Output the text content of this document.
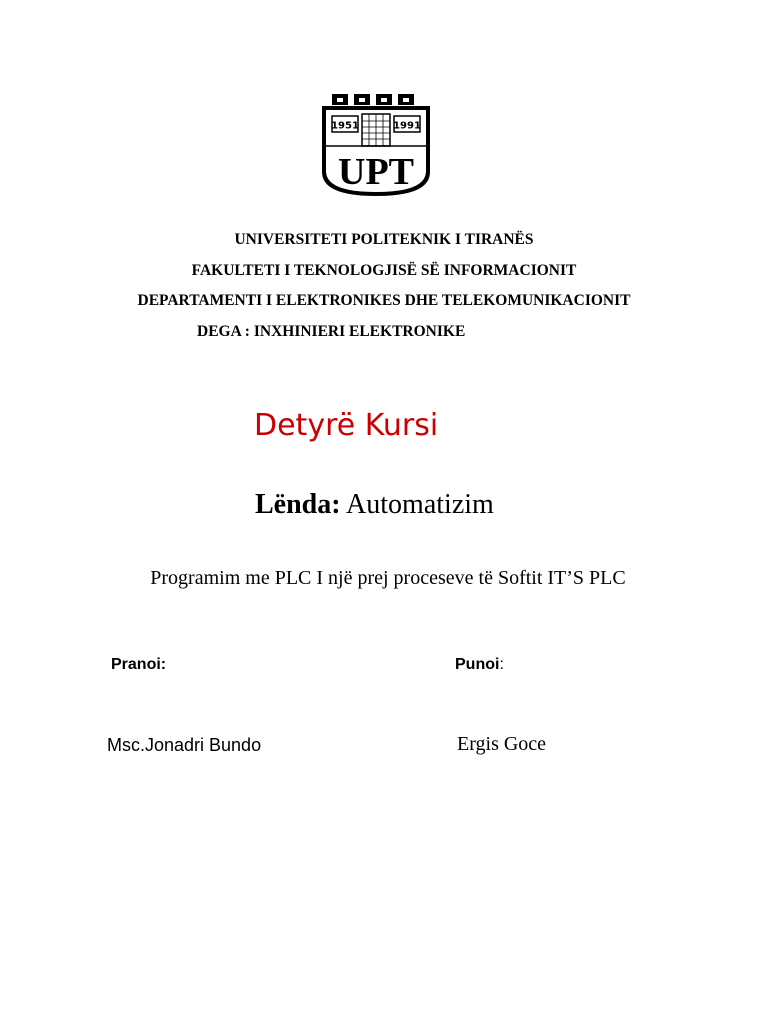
1951	1991
UPT
UNIVERSITETI POLITEKNIK I TIRANËS
FAKULTETI I TEKNOLOGJISË SË INFORMACIONIT
DEPARTAMENTI I ELEKTRONIKES DHE TELEKOMUNIKACIONIT
DEGA : INXHINIERI ELEKTRONIKE
Detyrë Kursi
Lënda: Automatizim
Programim me PLC I një prej proceseve të Softit IT’S PLC
Pranoi:	Punoi:
Msc.Jonadri Bundo	Ergis Goce
